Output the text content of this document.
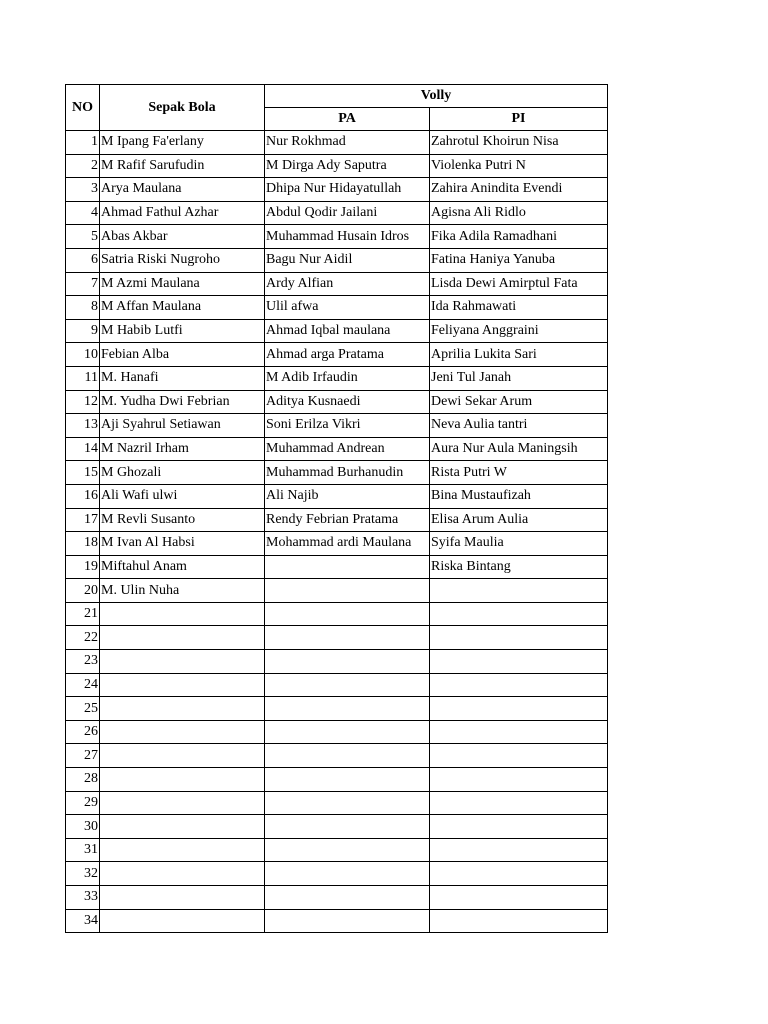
NO	Sepak Bola	Volly	
		PA	PI
1	M Ipang Fa'erlany	Nur Rokhmad	Zahrotul Khoirun Nisa
2	M Rafif Sarufudin	M Dirga Ady Saputra	Violenka Putri N
3	Arya Maulana	Dhipa Nur Hidayatullah	Zahira Anindita Evendi
4	Ahmad Fathul Azhar	Abdul Qodir Jailani	Agisna Ali Ridlo
5	Abas Akbar	Muhammad Husain Idros	Fika Adila Ramadhani
6	Satria Riski Nugroho	Bagu Nur Aidil	Fatina Haniya Yanuba
7	M Azmi Maulana	Ardy Alfian	Lisda Dewi Amirptul Fata
8	M Affan Maulana	Ulil afwa	Ida Rahmawati
9	M Habib Lutfi	Ahmad Iqbal maulana	Feliyana Anggraini
10	Febian Alba	Ahmad arga Pratama	Aprilia Lukita Sari
11	M. Hanafi	M Adib Irfaudin	Jeni Tul Janah
12	M. Yudha Dwi Febrian	Aditya Kusnaedi	Dewi Sekar Arum
13	Aji Syahrul Setiawan	Soni Erilza Vikri	Neva Aulia tantri
14	M Nazril Irham	Muhammad Andrean	Aura Nur Aula Maningsih
15	M Ghozali	Muhammad Burhanudin	Rista Putri W
16	Ali Wafi ulwi	Ali Najib	Bina Mustaufizah
17	M Revli Susanto	Rendy Febrian Pratama	Elisa Arum Aulia
18	M Ivan Al Habsi	Mohammad ardi Maulana	Syifa Maulia
19	Miftahul Anam		Riska Bintang
20	M. Ulin Nuha		
21			
22			
23			
24			
25			
26			
27			
28			
29			
30			
31			
32			
33			
34			
